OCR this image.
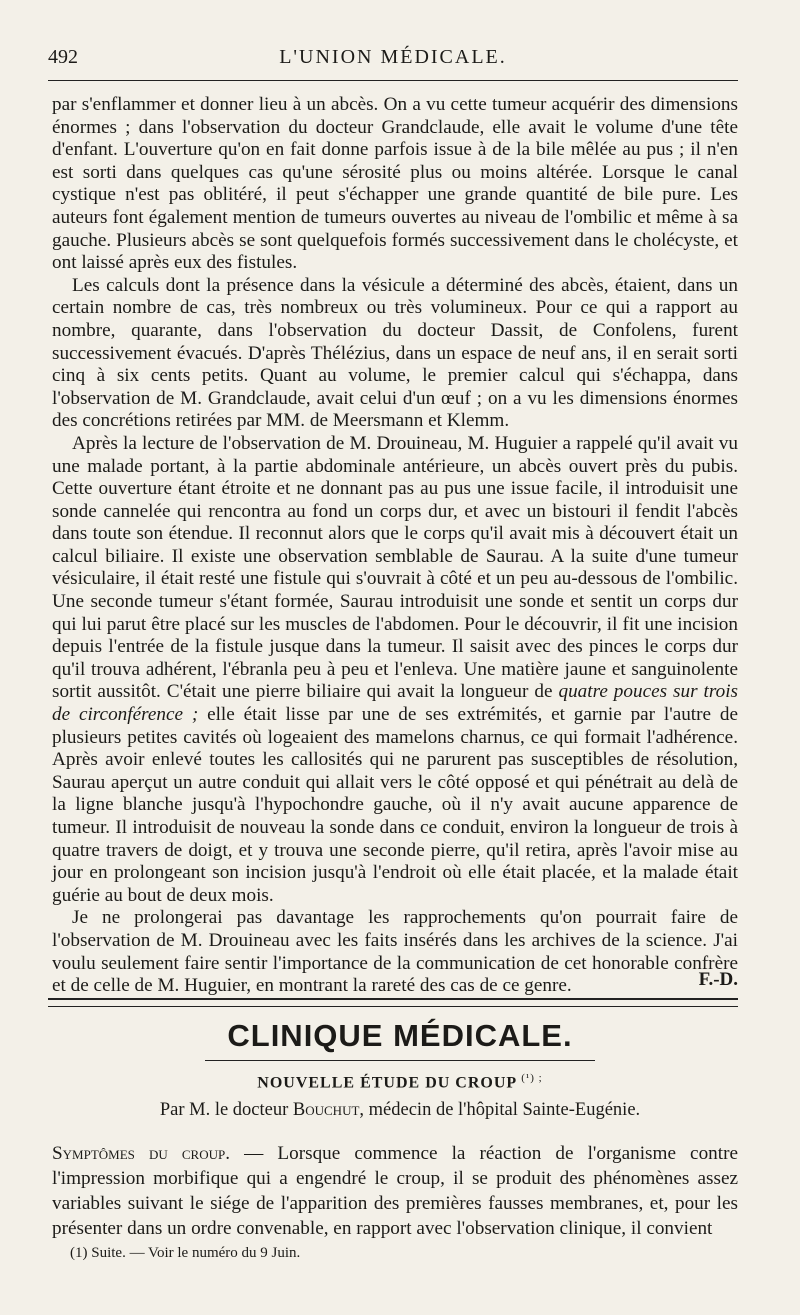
492	L'UNION MÉDICALE.

par s'enflammer et donner lieu à un abcès. On a vu cette tumeur acquérir des dimensions énormes ; dans l'observation du docteur Grandclaude, elle avait le volume d'une tête d'enfant. L'ouverture qu'on en fait donne parfois issue à de la bile mêlée au pus ; il n'en est sorti dans quelques cas qu'une sérosité plus ou moins altérée. Lorsque le canal cystique n'est pas oblitéré, il peut s'échapper une grande quantité de bile pure. Les auteurs font également mention de tumeurs ouvertes au niveau de l'ombilic et même à sa gauche. Plusieurs abcès se sont quelquefois formés successivement dans le cholécyste, et ont laissé après eux des fistules.

Les calculs dont la présence dans la vésicule a déterminé des abcès, étaient, dans un certain nombre de cas, très nombreux ou très volumineux. Pour ce qui a rapport au nombre, quarante, dans l'observation du docteur Dassit, de Confolens, furent successivement évacués. D'après Thélézius, dans un espace de neuf ans, il en serait sorti cinq à six cents petits. Quant au volume, le premier calcul qui s'échappa, dans l'observation de M. Grandclaude, avait celui d'un œuf ; on a vu les dimensions énormes des concrétions retirées par MM. de Meersmann et Klemm.

Après la lecture de l'observation de M. Drouineau, M. Huguier a rappelé qu'il avait vu une malade portant, à la partie abdominale antérieure, un abcès ouvert près du pubis. Cette ouverture étant étroite et ne donnant pas au pus une issue facile, il introduisit une sonde cannelée qui rencontra au fond un corps dur, et avec un bistouri il fendit l'abcès dans toute son étendue. Il reconnut alors que le corps qu'il avait mis à découvert était un calcul biliaire. Il existe une observation semblable de Saurau. A la suite d'une tumeur vésiculaire, il était resté une fistule qui s'ouvrait à côté et un peu au-dessous de l'ombilic. Une seconde tumeur s'étant formée, Saurau introduisit une sonde et sentit un corps dur qui lui parut être placé sur les muscles de l'abdomen. Pour le découvrir, il fit une incision depuis l'entrée de la fistule jusque dans la tumeur. Il saisit avec des pinces le corps dur qu'il trouva adhérent, l'ébranla peu à peu et l'enleva. Une matière jaune et sanguinolente sortit aussitôt. C'était une pierre biliaire qui avait la longueur de quatre pouces sur trois de circonférence ; elle était lisse par une de ses extrémités, et garnie par l'autre de plusieurs petites cavités où logeaient des mamelons charnus, ce qui formait l'adhérence. Après avoir enlevé toutes les callosités qui ne parurent pas susceptibles de résolution, Saurau aperçut un autre conduit qui allait vers le côté opposé et qui pénétrait au delà de la ligne blanche jusqu'à l'hypochondre gauche, où il n'y avait aucune apparence de tumeur. Il introduisit de nouveau la sonde dans ce conduit, environ la longueur de trois à quatre travers de doigt, et y trouva une seconde pierre, qu'il retira, après l'avoir mise au jour en prolongeant son incision jusqu'à l'endroit où elle était placée, et la malade était guérie au bout de deux mois.

Je ne prolongerai pas davantage les rapprochements qu'on pourrait faire de l'observation de M. Drouineau avec les faits insérés dans les archives de la science. J'ai voulu seulement faire sentir l'importance de la communication de cet honorable confrère et de celle de M. Huguier, en montrant la rareté des cas de ce genre.	F.-D.
CLINIQUE MÉDICALE.
NOUVELLE ÉTUDE DU CROUP $^{(^1) ;}$
Par M. le docteur Bouchut, médecin de l'hôpital Sainte-Eugénie.

Symptômes du croup. — Lorsque commence la réaction de l'organisme contre l'impression morbifique qui a engendré le croup, il se produit des phénomènes assez variables suivant le siége de l'apparition des premières fausses membranes, et, pour les présenter dans un ordre convenable, en rapport avec l'observation clinique, il convient

(1) Suite. — Voir le numéro du 9 Juin.
